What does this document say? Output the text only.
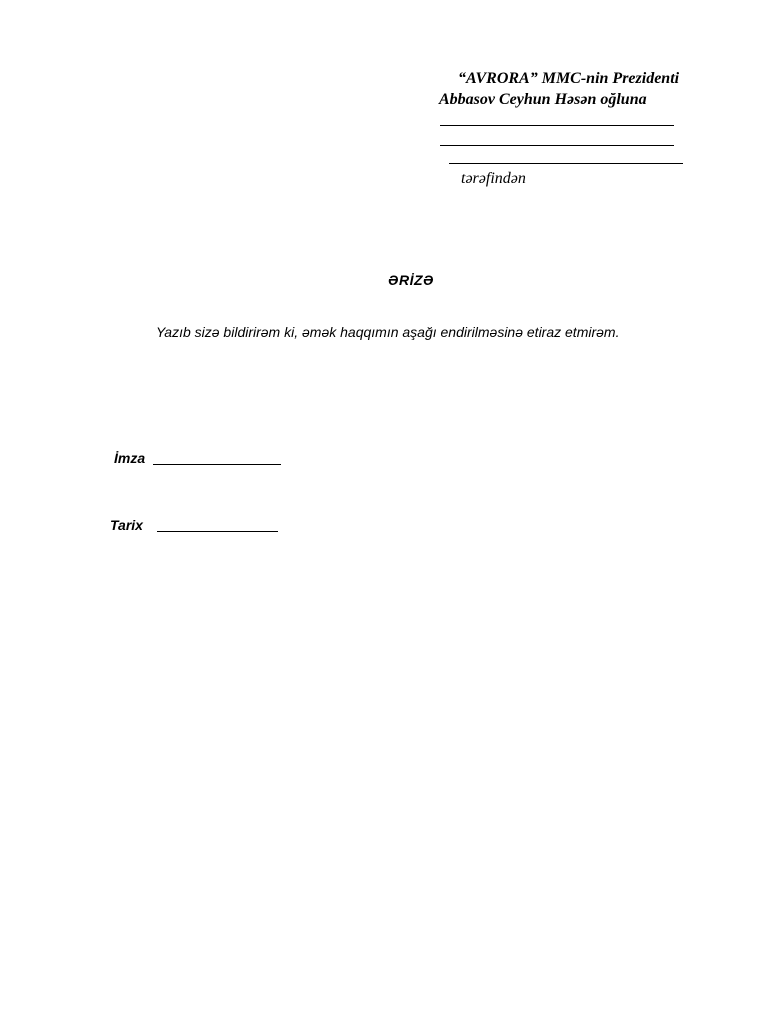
“AVRORA” MMC-nin Prezidenti
Abbasov Ceyhun Həsən oğluna
tərəfindən
ƏRİZƏ
Yazıb sizə bildirirəm ki, əmək haqqımın aşağı endirilməsinə etiraz etmirəm.
İmza
Tarix
